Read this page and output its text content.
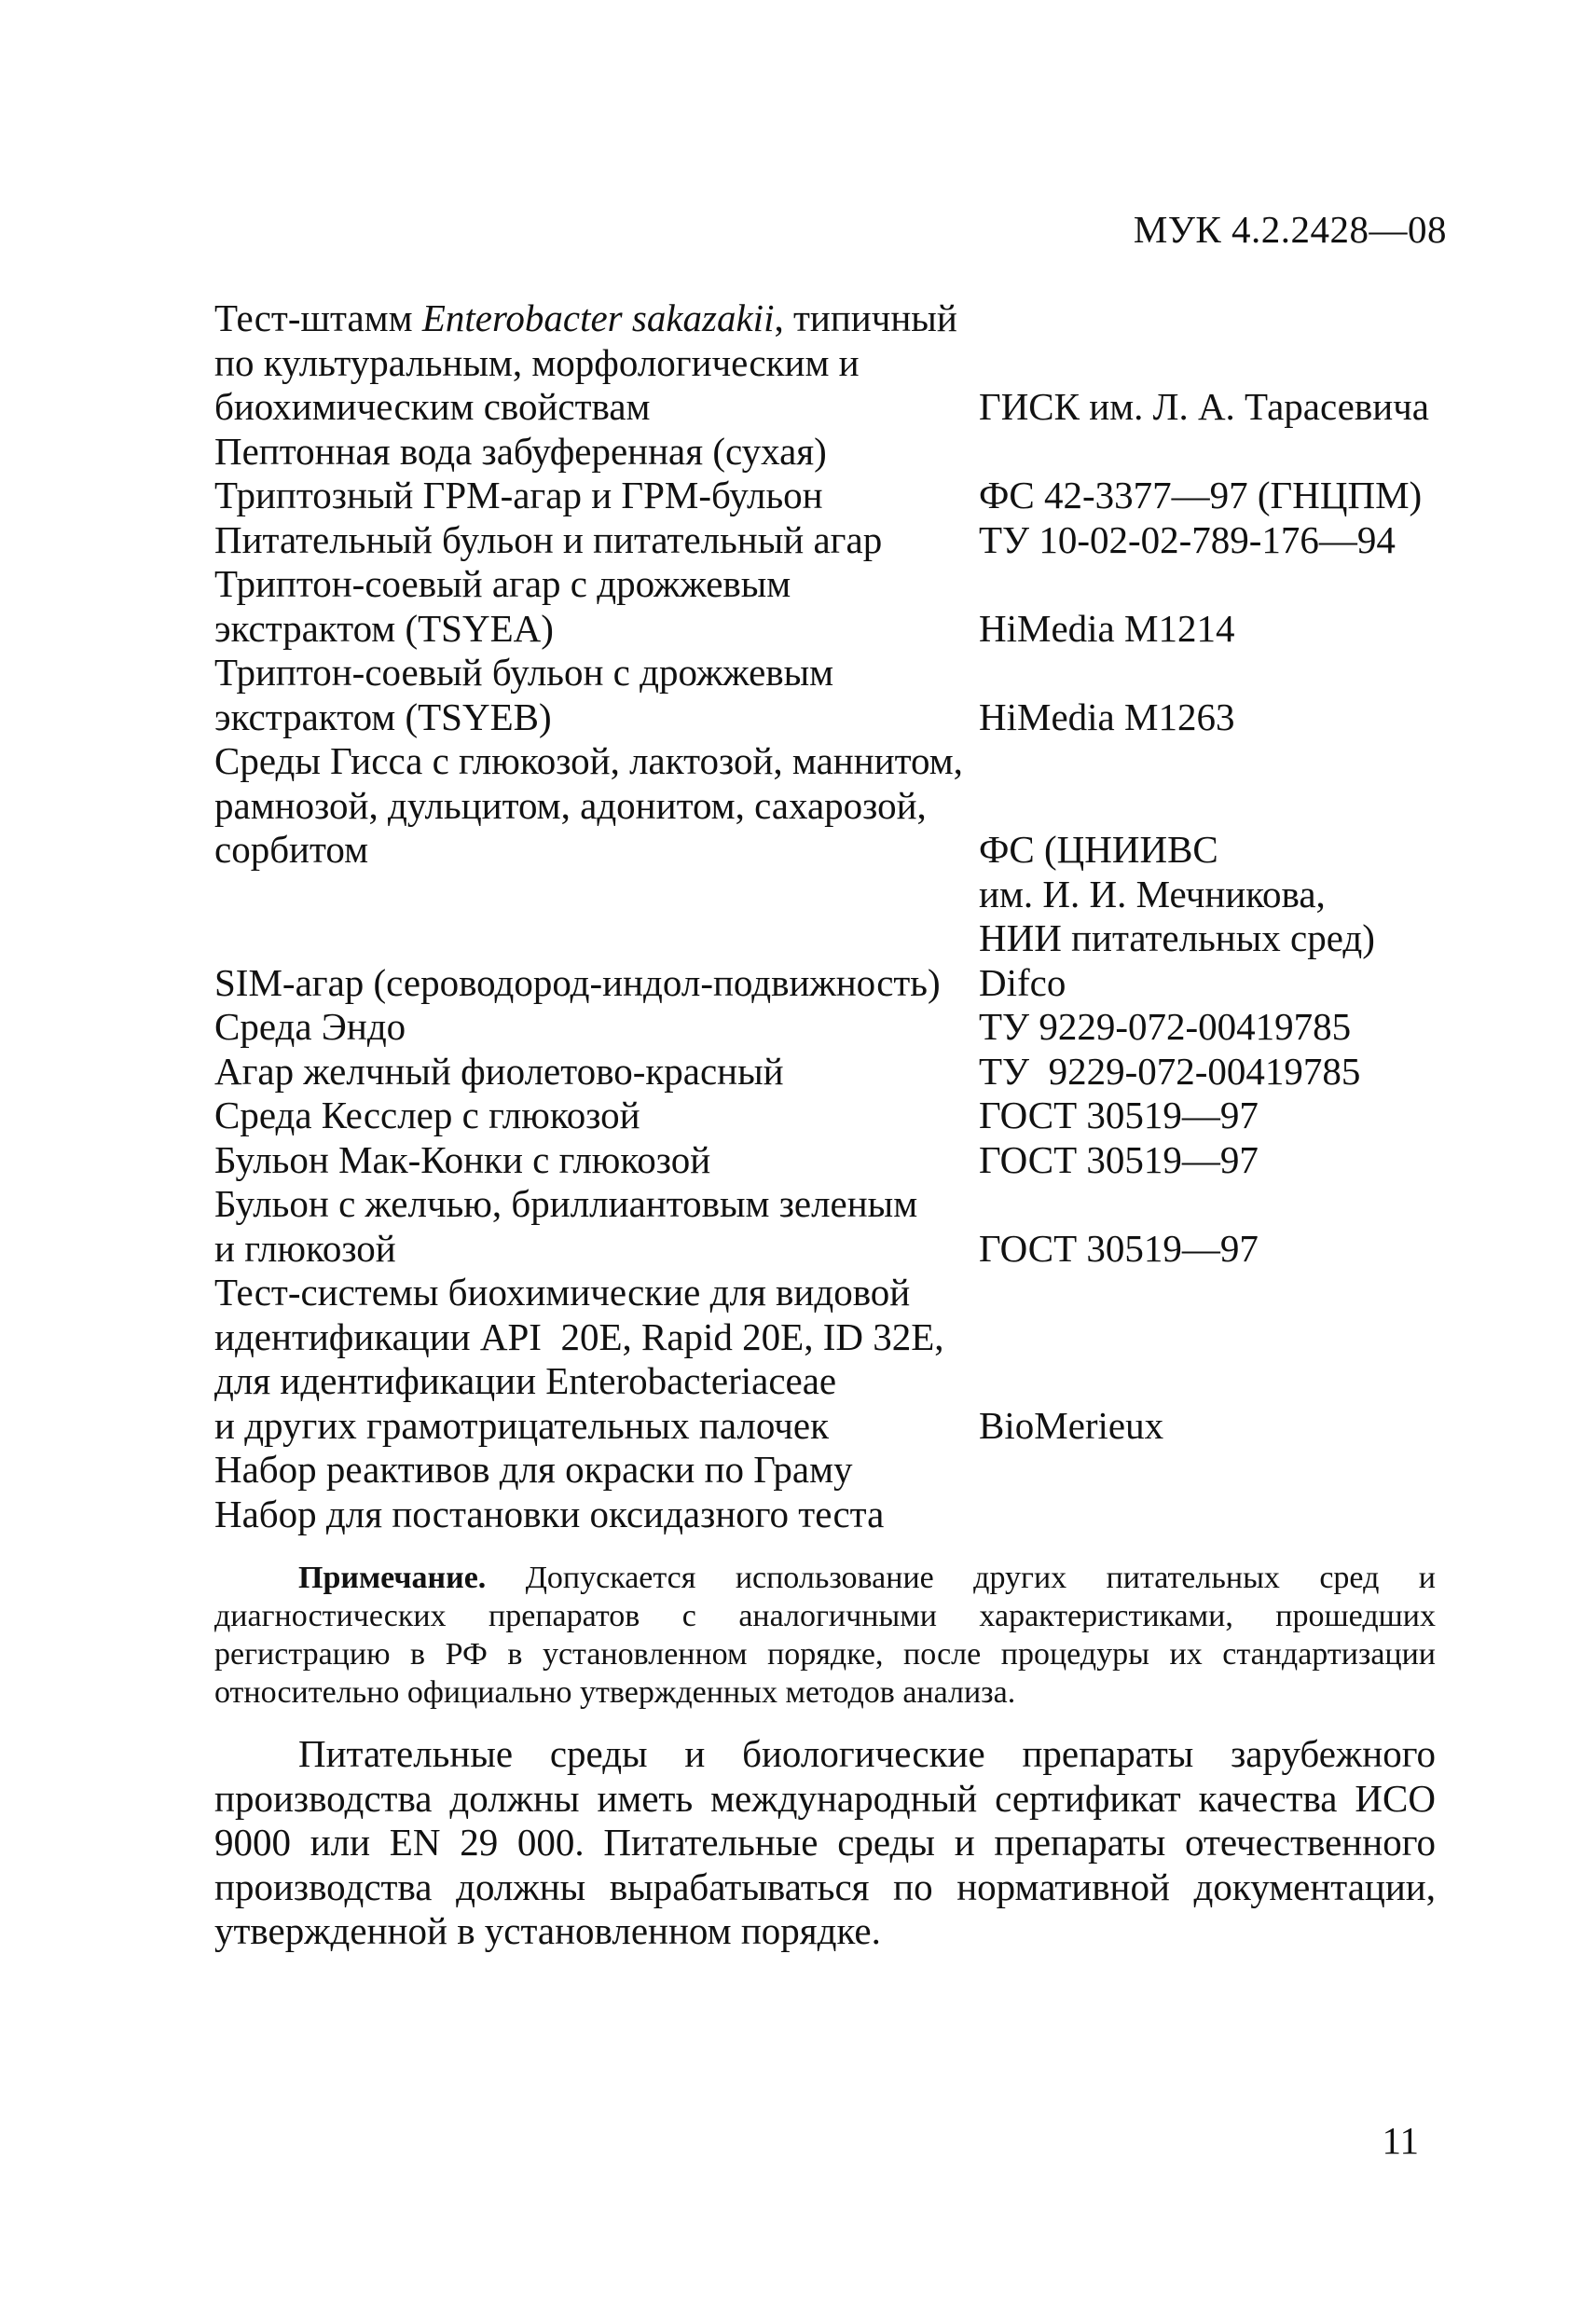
МУК 4.2.2428—08
Тест-штамм Enterobacter sakazakii, типичный
по культуральным, морфологическим и
биохимическим свойствам	ГИСК им. Л. А. Тарасевича
Пептонная вода забуференная (сухая)
Триптозный ГРМ-агар и ГРМ-бульон	ФС 42-3377—97 (ГНЦПМ)
Питательный бульон и питательный агар	ТУ 10-02-02-789-176—94
Триптон-соевый агар с дрожжевым
экстрактом (TSYEA)	HiMedia M1214
Триптон-соевый бульон с дрожжевым
экстрактом (TSYEB)	HiMedia M1263
Среды Гисса с глюкозой, лактозой, маннитом,
рамнозой, дульцитом, адонитом, сахарозой,
сорбитом

	ФС (ЦНИИВС
им. И. И. Мечникова,
НИИ питательных сред)
SIM-агар (сероводород-индол-подвижность)	Difco
Среда Эндо	ТУ 9229-072-00419785
Агар желчный фиолетово-красный	ТУ  9229-072-00419785
Среда Кесслер с глюкозой	ГОСТ 30519—97
Бульон Мак-Конки с глюкозой	ГОСТ 30519—97
Бульон с желчью, бриллиантовым зеленым
и глюкозой	ГОСТ 30519—97
Тест-системы биохимические для видовой
идентификации API  20E, Rapid 20E, ID 32E,
для идентификации Enterobacteriaceae
и других грамотрицательных палочек	BioMerieux
Набор реактивов для окраски по Граму
Набор для постановки оксидазного теста

Примечание. Допускается использование других питательных сред и диагностических препаратов с аналогичными характеристиками, прошедших регистрацию в РФ в установленном порядке, после процедуры их стандартизации относительно официально утвержденных методов анализа.

Питательные среды и биологические препараты зарубежного производства должны иметь международный сертификат качества ИСО 9000 или EN 29 000. Питательные среды и препараты отечественного производства должны вырабатываться по нормативной документации, утвержденной в установленном порядке.

11
